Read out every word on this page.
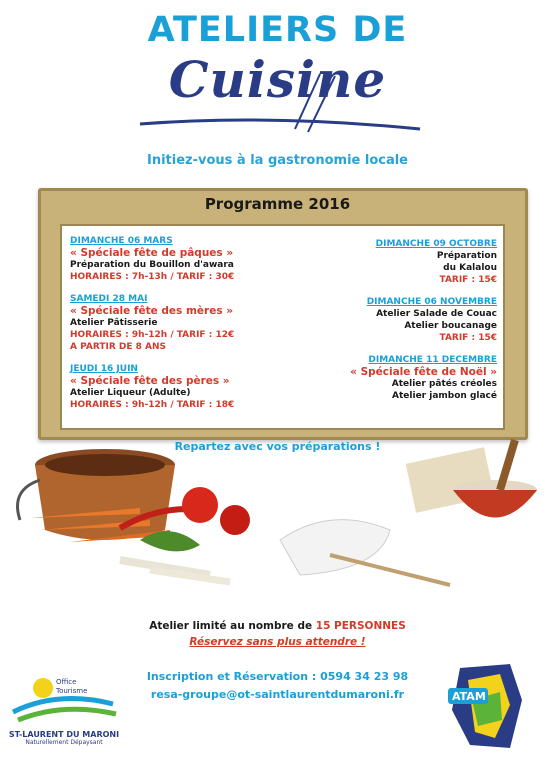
ATELIERS DE
Cuisine
Initiez-vous à la gastronomie locale
Programme 2016
DIMANCHE 06 MARS
« Spéciale fête de pâques »
Préparation du Bouillon d'awara
HORAIRES : 7h-13h / TARIF : 30€
SAMEDI 28 MAI
« Spéciale fête des mères »
Atelier Pâtisserie
HORAIRES : 9h-12h / TARIF : 12€
A PARTIR DE 8 ANS
JEUDI 16 JUIN
« Spéciale fête des pères »
Atelier Liqueur (Adulte)
HORAIRES : 9h-12h / TARIF : 18€
DIMANCHE 09 OCTOBRE
Préparation
du Kalalou
TARIF : 15€
DIMANCHE 06 NOVEMBRE
Atelier Salade de Couac
Atelier boucanage
TARIF : 15€
DIMANCHE 11 DECEMBRE
« Spéciale fête de Noël »
Atelier pâtés créoles
Atelier jambon glacé
Repartez avec vos préparations !
Atelier limité au nombre de 15 PERSONNES
Réservez sans plus attendre !
Inscription et Réservation : 0594 34 23 98
resa-groupe@ot-saintlaurentdumaroni.fr
Office
Tourisme
ST-LAURENT DU MARONI
Naturellement Dépaysant
ATAM
